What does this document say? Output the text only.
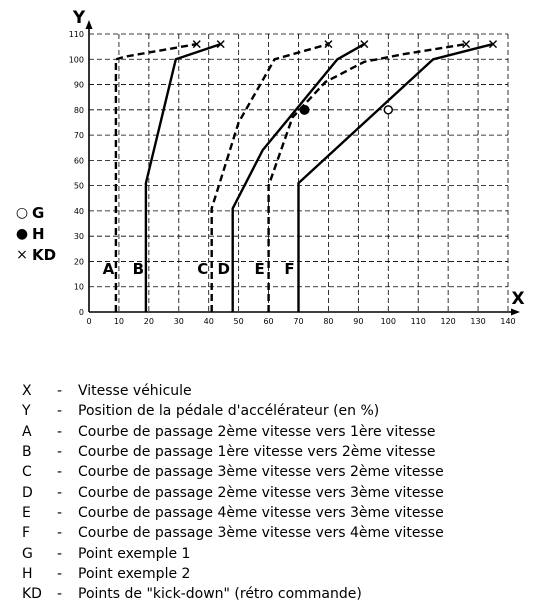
X
Y
0	10 20 30 40 50 60 70 80 90 100 110 120 130 140
0
10
20
30
40
50
60
70
80
90
100
110
A B	C D E F
○ G
● H
× KD
X	-	Vitesse véhicule
Y	-	Position de la pédale d'accélérateur (en %)
A	-	Courbe de passage 2ème vitesse vers 1ère vitesse
B	-	Courbe de passage 1ère vitesse vers 2ème vitesse
C	-	Courbe de passage 3ème vitesse vers 2ème vitesse
D	-	Courbe de passage 2ème vitesse vers 3ème vitesse
E	-	Courbe de passage 4ème vitesse vers 3ème vitesse
F	-	Courbe de passage 3ème vitesse vers 4ème vitesse
G	-	Point exemple 1
H	-	Point exemple 2
KD	-	Points de "kick-down" (rétro commande)
